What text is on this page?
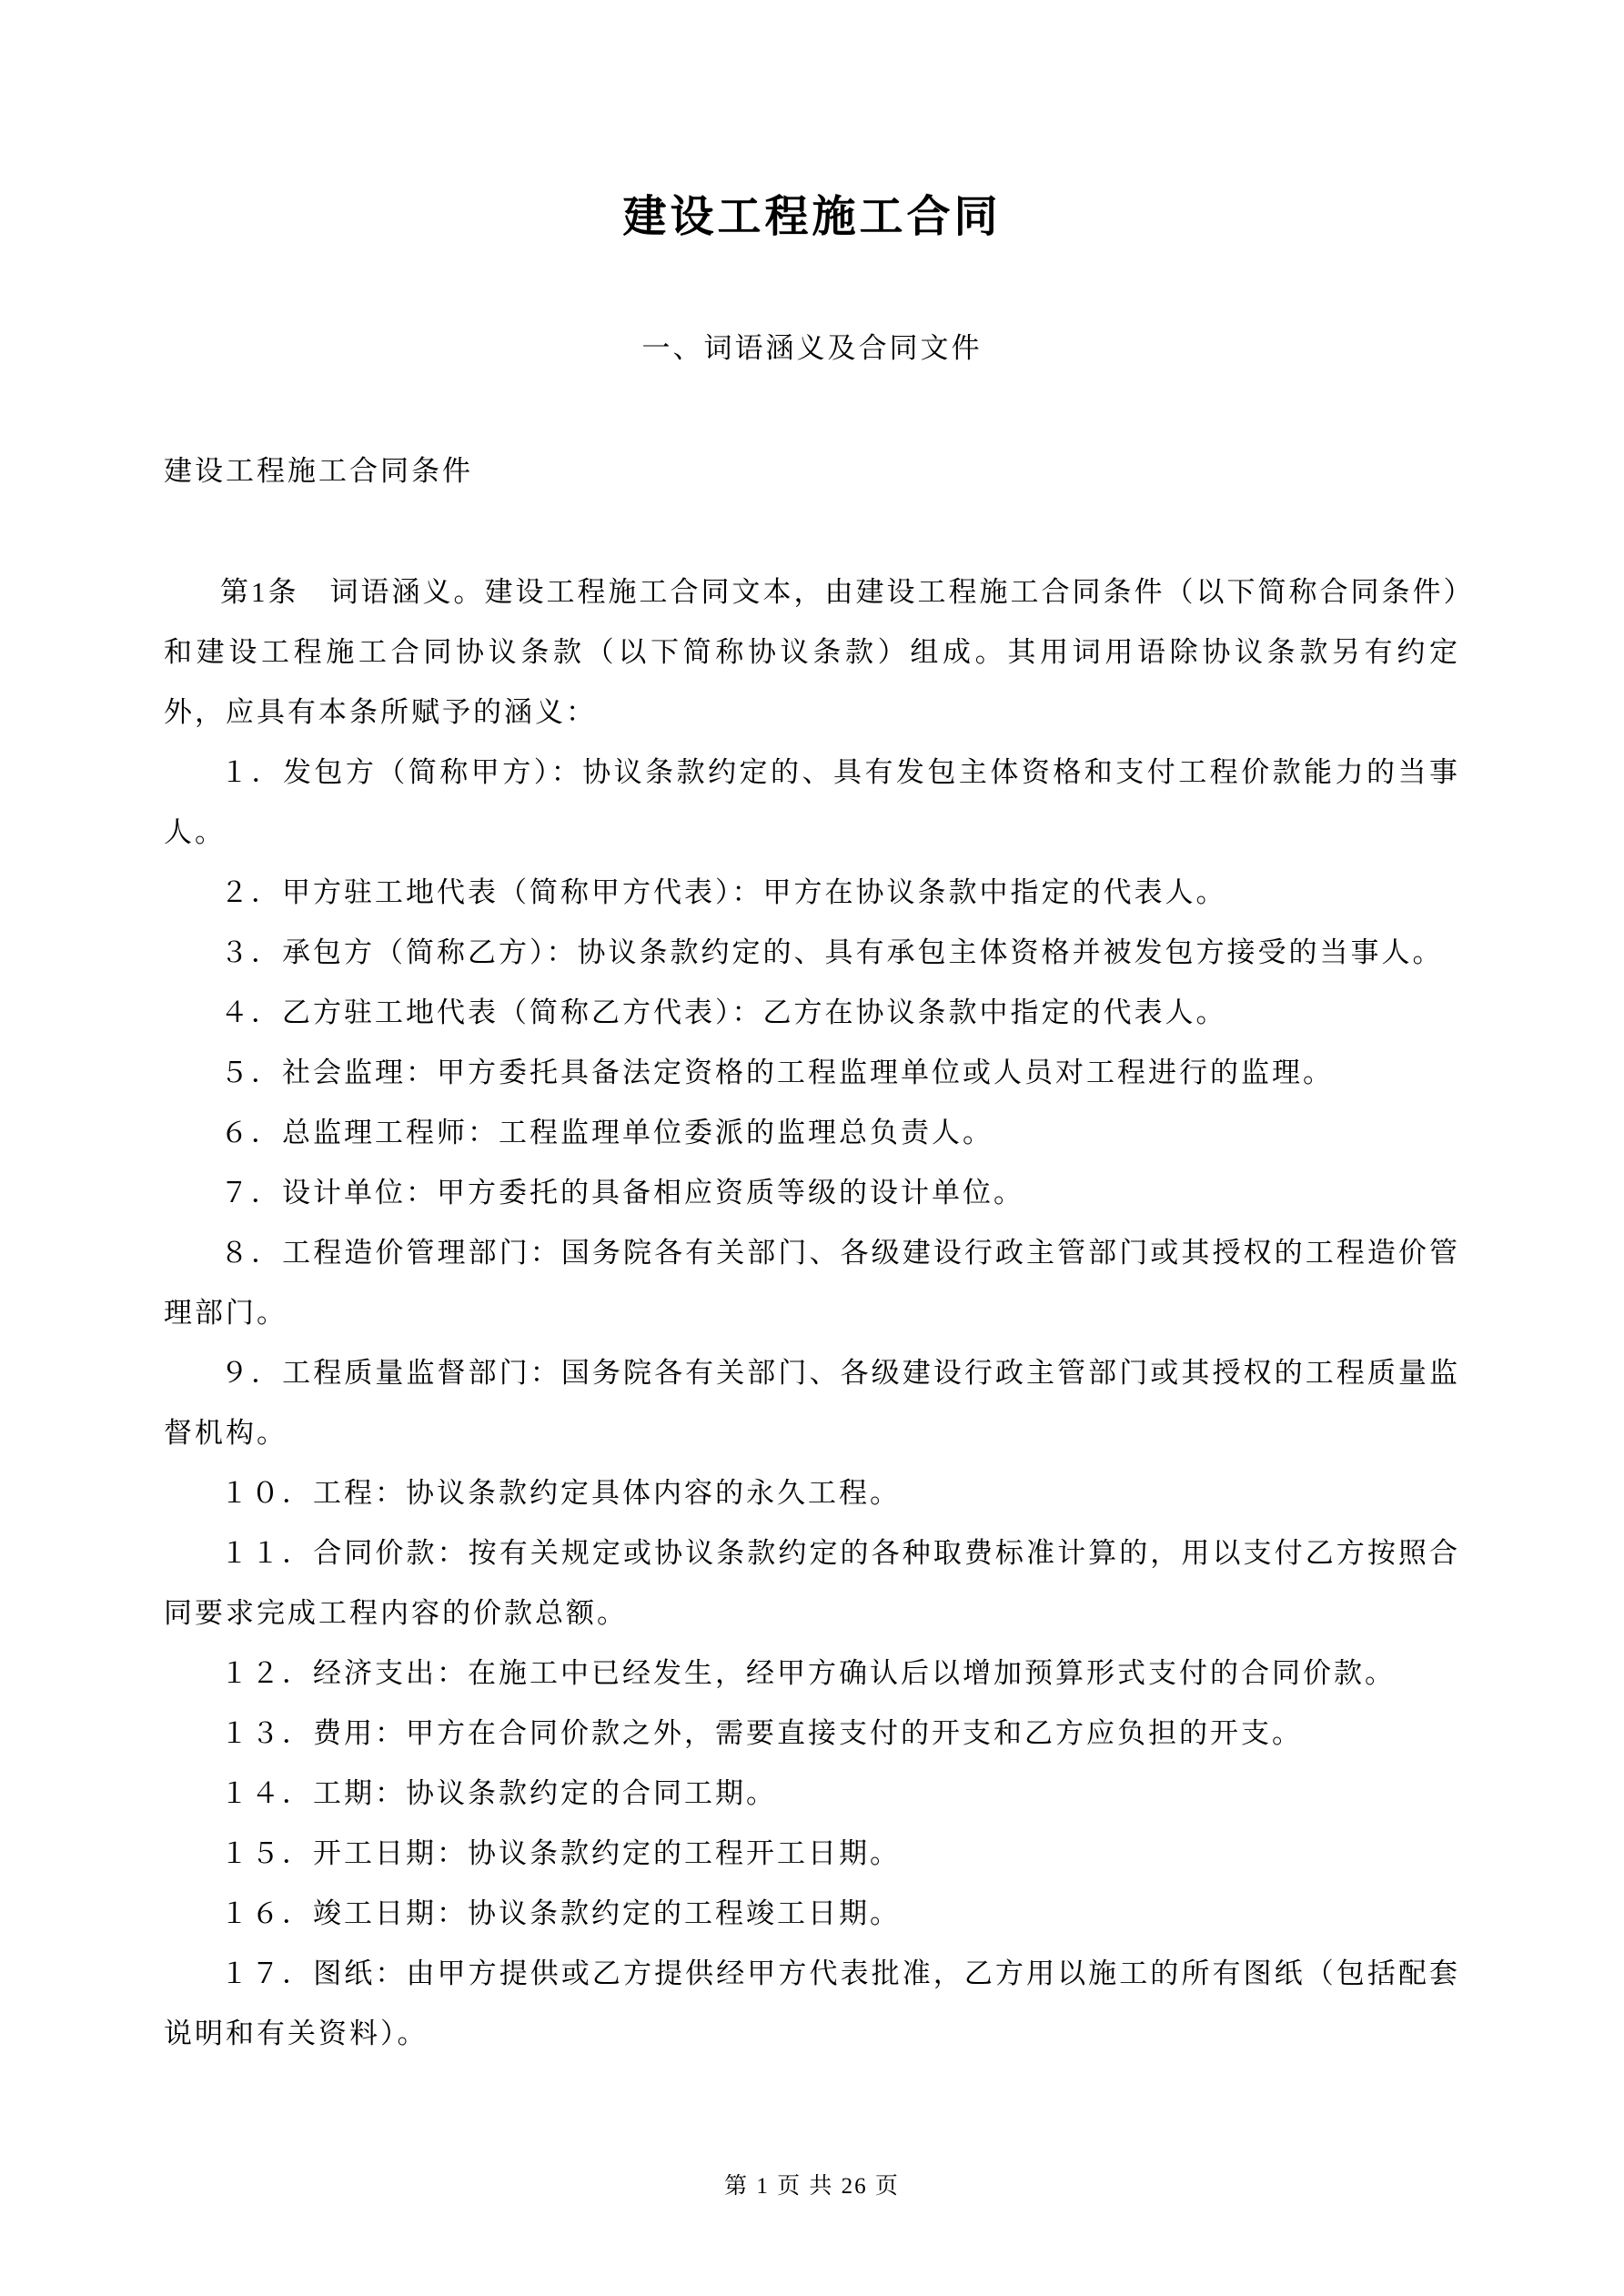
建设工程施工合同
一、词语涵义及合同文件

建设工程施工合同条件

第1条　词语涵义。建设工程施工合同文本，由建设工程施工合同条件（以下简称合同条件）和建设工程施工合同协议条款（以下简称协议条款）组成。其用词用语除协议条款另有约定外，应具有本条所赋予的涵义：

１．发包方（简称甲方）：协议条款约定的、具有发包主体资格和支付工程价款能力的当事人。

２．甲方驻工地代表（简称甲方代表）：甲方在协议条款中指定的代表人。

３．承包方（简称乙方）：协议条款约定的、具有承包主体资格并被发包方接受的当事人。

４．乙方驻工地代表（简称乙方代表）：乙方在协议条款中指定的代表人。

５．社会监理：甲方委托具备法定资格的工程监理单位或人员对工程进行的监理。

６．总监理工程师：工程监理单位委派的监理总负责人。

７．设计单位：甲方委托的具备相应资质等级的设计单位。

８．工程造价管理部门：国务院各有关部门、各级建设行政主管部门或其授权的工程造价管理部门。

９．工程质量监督部门：国务院各有关部门、各级建设行政主管部门或其授权的工程质量监督机构。

１０．工程：协议条款约定具体内容的永久工程。

１１．合同价款：按有关规定或协议条款约定的各种取费标准计算的，用以支付乙方按照合同要求完成工程内容的价款总额。

１２．经济支出：在施工中已经发生，经甲方确认后以增加预算形式支付的合同价款。

１３．费用：甲方在合同价款之外，需要直接支付的开支和乙方应负担的开支。

１４．工期：协议条款约定的合同工期。

１５．开工日期：协议条款约定的工程开工日期。

１６．竣工日期：协议条款约定的工程竣工日期。

１７．图纸：由甲方提供或乙方提供经甲方代表批准，乙方用以施工的所有图纸（包括配套说明和有关资料）。

第 1 页 共 26 页
